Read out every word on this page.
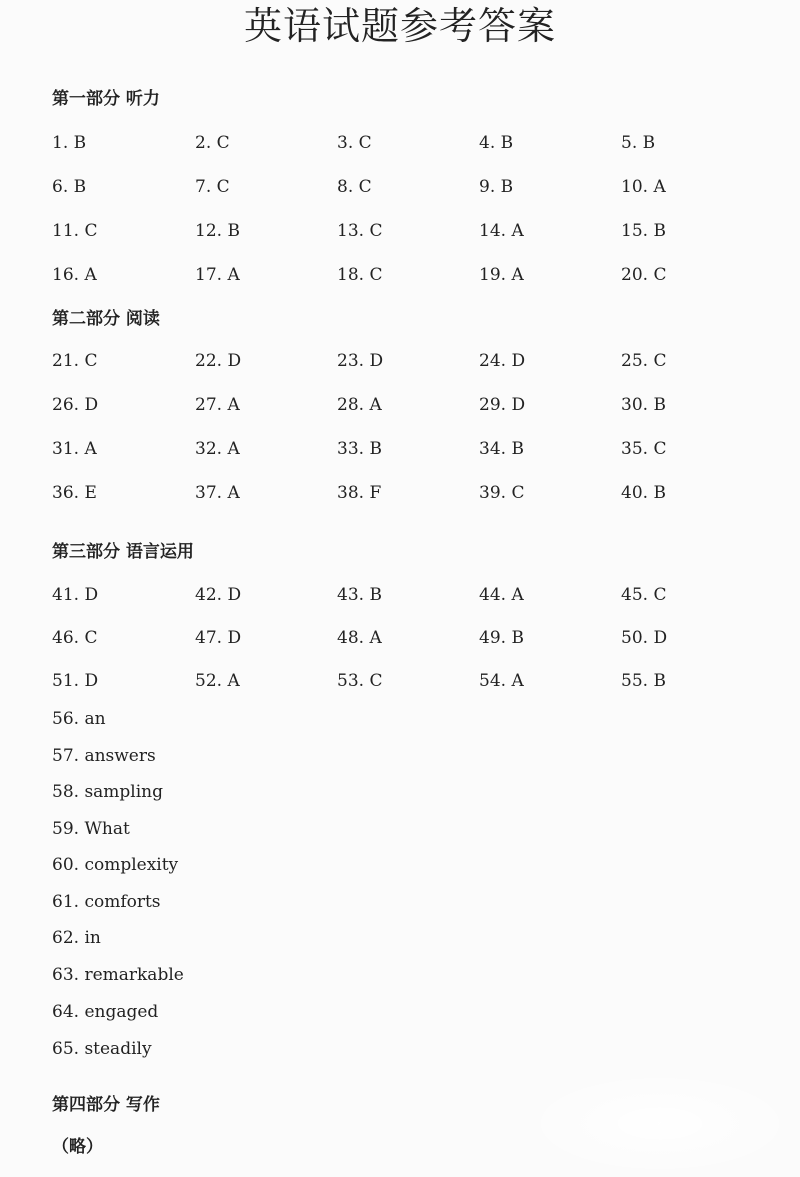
英语试题参考答案
第一部分 听力
1. B	2. C	3. C	4. B	5. B
6. B	7. C	8. C	9. B	10. A
11. C	12. B	13. C	14. A	15. B
16. A	17. A	18. C	19. A	20. C
第二部分 阅读
21. C	22. D	23. D	24. D	25. C
26. D	27. A	28. A	29. D	30. B
31. A	32. A	33. B	34. B	35. C
36. E	37. A	38. F	39. C	40. B
第三部分 语言运用
41. D	42. D	43. B	44. A	45. C
46. C	47. D	48. A	49. B	50. D
51. D	52. A	53. C	54. A	55. B
56. an
57. answers
58. sampling
59. What
60. complexity
61. comforts
62. in
63. remarkable
64. engaged
65. steadily
第四部分 写作
（略）
